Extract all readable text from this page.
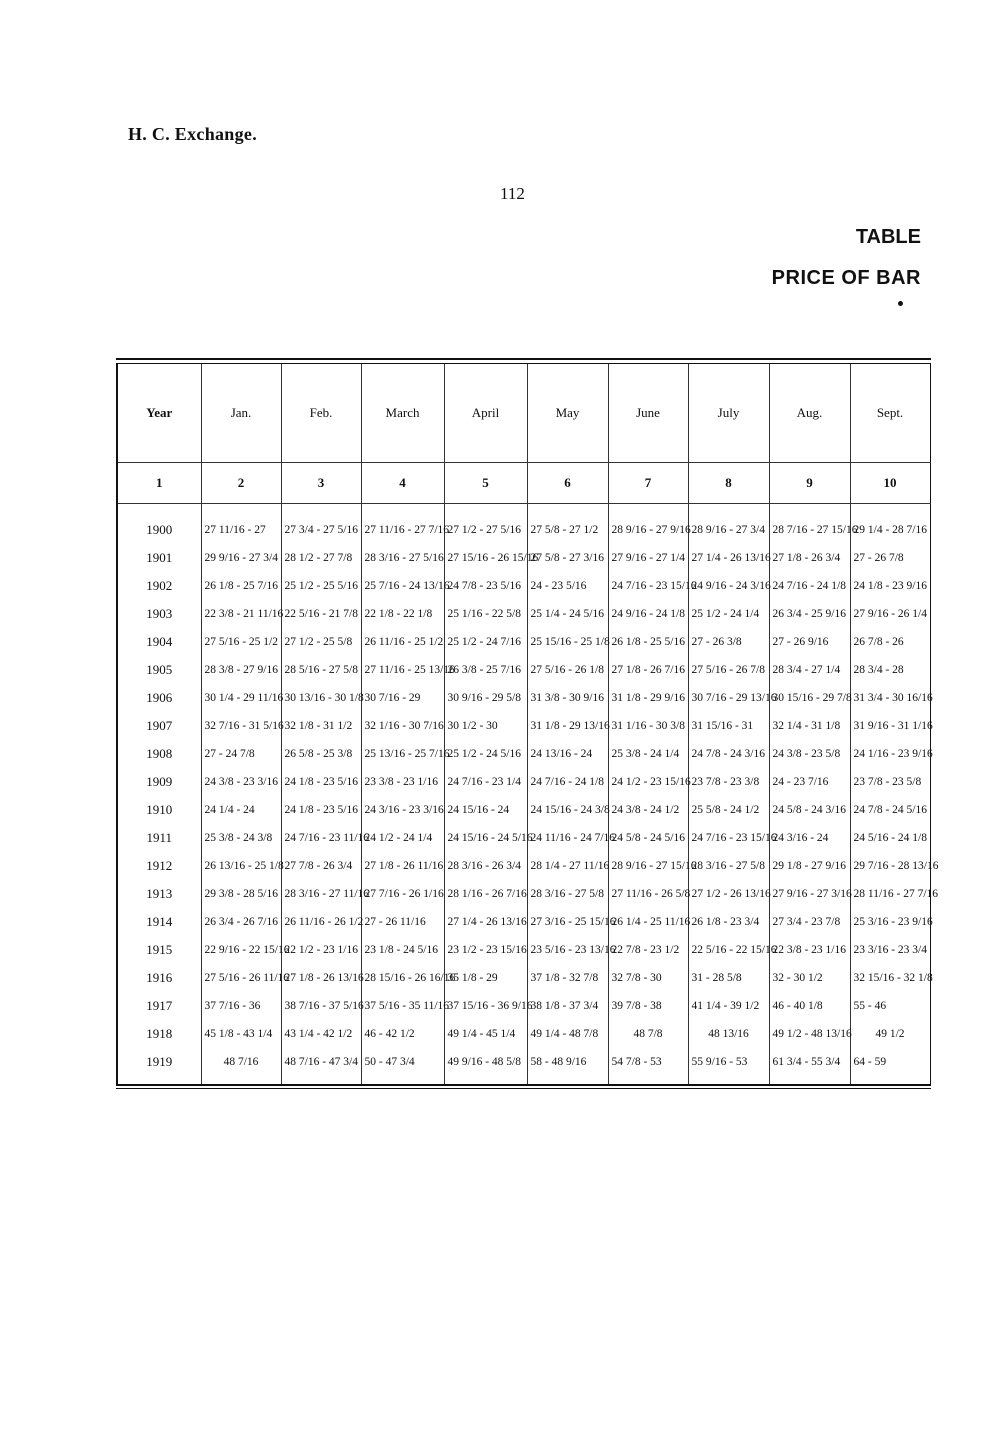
H. C. Exchange.
112
TABLE
PRICE OF BAR
Year	Jan.	Feb.	March	April	May	June	July	Aug.	Sept.
1	2	3	4	5	6	7	8	9	10
1900	27 11/16 - 27	27 3/4 - 27 5/16	27 11/16 - 27 7/16	27 1/2 - 27 5/16	27 5/8 - 27 1/2	28 9/16 - 27 9/16	28 9/16 - 27 3/4	28 7/16 - 27 15/16	29 1/4 - 28 7/16
1901	29 9/16 - 27 3/4	28 1/2 - 27 7/8	28 3/16 - 27 5/16	27 15/16 - 26 15/16	27 5/8 - 27 3/16	27 9/16 - 27 1/4	27 1/4 - 26 13/16	27 1/8 - 26 3/4	27 - 26 7/8
1902	26 1/8 - 25 7/16	25 1/2 - 25 5/16	25 7/16 - 24 13/16	24 7/8 - 23 5/16	24 - 23 5/16	24 7/16 - 23 15/16	24 9/16 - 24 3/16	24 7/16 - 24 1/8	24 1/8 - 23 9/16
1903	22 3/8 - 21 11/16	22 5/16 - 21 7/8	22 1/8 - 22 1/8	25 1/16 - 22 5/8	25 1/4 - 24 5/16	24 9/16 - 24 1/8	25 1/2 - 24 1/4	26 3/4 - 25 9/16	27 9/16 - 26 1/4
1904	27 5/16 - 25 1/2	27 1/2 - 25 5/8	26 11/16 - 25 1/2	25 1/2 - 24 7/16	25 15/16 - 25 1/8	26 1/8 - 25 5/16	27 - 26 3/8	27 - 26 9/16	26 7/8 - 26
1905	28 3/8 - 27 9/16	28 5/16 - 27 5/8	27 11/16 - 25 13/16	26 3/8 - 25 7/16	27 5/16 - 26 1/8	27 1/8 - 26 7/16	27 5/16 - 26 7/8	28 3/4 - 27 1/4	28 3/4 - 28
1906	30 1/4 - 29 11/16	30 13/16 - 30 1/8	30 7/16 - 29	30 9/16 - 29 5/8	31 3/8 - 30 9/16	31 1/8 - 29 9/16	30 7/16 - 29 13/16	30 15/16 - 29 7/8	31 3/4 - 30 16/16
1907	32 7/16 - 31 5/16	32 1/8 - 31 1/2	32 1/16 - 30 7/16	30 1/2 - 30	31 1/8 - 29 13/16	31 1/16 - 30 3/8	31 15/16 - 31	32 1/4 - 31 1/8	31 9/16 - 31 1/16
1908	27 - 24 7/8	26 5/8 - 25 3/8	25 13/16 - 25 7/16	25 1/2 - 24 5/16	24 13/16 - 24	25 3/8 - 24 1/4	24 7/8 - 24 3/16	24 3/8 - 23 5/8	24 1/16 - 23 9/16
1909	24 3/8 - 23 3/16	24 1/8 - 23 5/16	23 3/8 - 23 1/16	24 7/16 - 23 1/4	24 7/16 - 24 1/8	24 1/2 - 23 15/16	23 7/8 - 23 3/8	24 - 23 7/16	23 7/8 - 23 5/8
1910	24 1/4 - 24	24 1/8 - 23 5/16	24 3/16 - 23 3/16	24 15/16 - 24	24 15/16 - 24 3/8	24 3/8 - 24 1/2	25 5/8 - 24 1/2	24 5/8 - 24 3/16	24 7/8 - 24 5/16
1911	25 3/8 - 24 3/8	24 7/16 - 23 11/16	24 1/2 - 24 1/4	24 15/16 - 24 5/16	24 11/16 - 24 7/16	24 5/8 - 24 5/16	24 7/16 - 23 15/16	24 3/16 - 24	24 5/16 - 24 1/8
1912	26 13/16 - 25 1/8	27 7/8 - 26 3/4	27 1/8 - 26 11/16	28 3/16 - 26 3/4	28 1/4 - 27 11/16	28 9/16 - 27 15/16	28 3/16 - 27 5/8	29 1/8 - 27 9/16	29 7/16 - 28 13/16
1913	29 3/8 - 28 5/16	28 3/16 - 27 11/16	27 7/16 - 26 1/16	28 1/16 - 26 7/16	28 3/16 - 27 5/8	27 11/16 - 26 5/8	27 1/2 - 26 13/16	27 9/16 - 27 3/16	28 11/16 - 27 7/16
1914	26 3/4 - 26 7/16	26 11/16 - 26 1/2	27 - 26 11/16	27 1/4 - 26 13/16	27 3/16 - 25 15/16	26 1/4 - 25 11/16	26 1/8 - 23 3/4	27 3/4 - 23 7/8	25 3/16 - 23 9/16
1915	22 9/16 - 22 15/16	22 1/2 - 23 1/16	23 1/8 - 24 5/16	23 1/2 - 23 15/16	23 5/16 - 23 13/16	22 7/8 - 23 1/2	22 5/16 - 22 15/16	22 3/8 - 23 1/16	23 3/16 - 23 3/4
1916	27 5/16 - 26 11/16	27 1/8 - 26 13/16	28 15/16 - 26 16/16	35 1/8 - 29	37 1/8 - 32 7/8	32 7/8 - 30	31 - 28 5/8	32 - 30 1/2	32 15/16 - 32 1/8
1917	37 7/16 - 36	38 7/16 - 37 5/16	37 5/16 - 35 11/16	37 15/16 - 36 9/16	38 1/8 - 37 3/4	39 7/8 - 38	41 1/4 - 39 1/2	46 - 40 1/8	55 - 46
1918	45 1/8 - 43 1/4	43 1/4 - 42 1/2	46 - 42 1/2	49 1/4 - 45 1/4	49 1/4 - 48 7/8	48 7/8	48 13/16	49 1/2 - 48 13/16	49 1/2
1919	48 7/16	48 7/16 - 47 3/4	50 - 47 3/4	49 9/16 - 48 5/8	58 - 48 9/16	54 7/8 - 53	55 9/16 - 53	61 3/4 - 55 3/4	64 - 59
